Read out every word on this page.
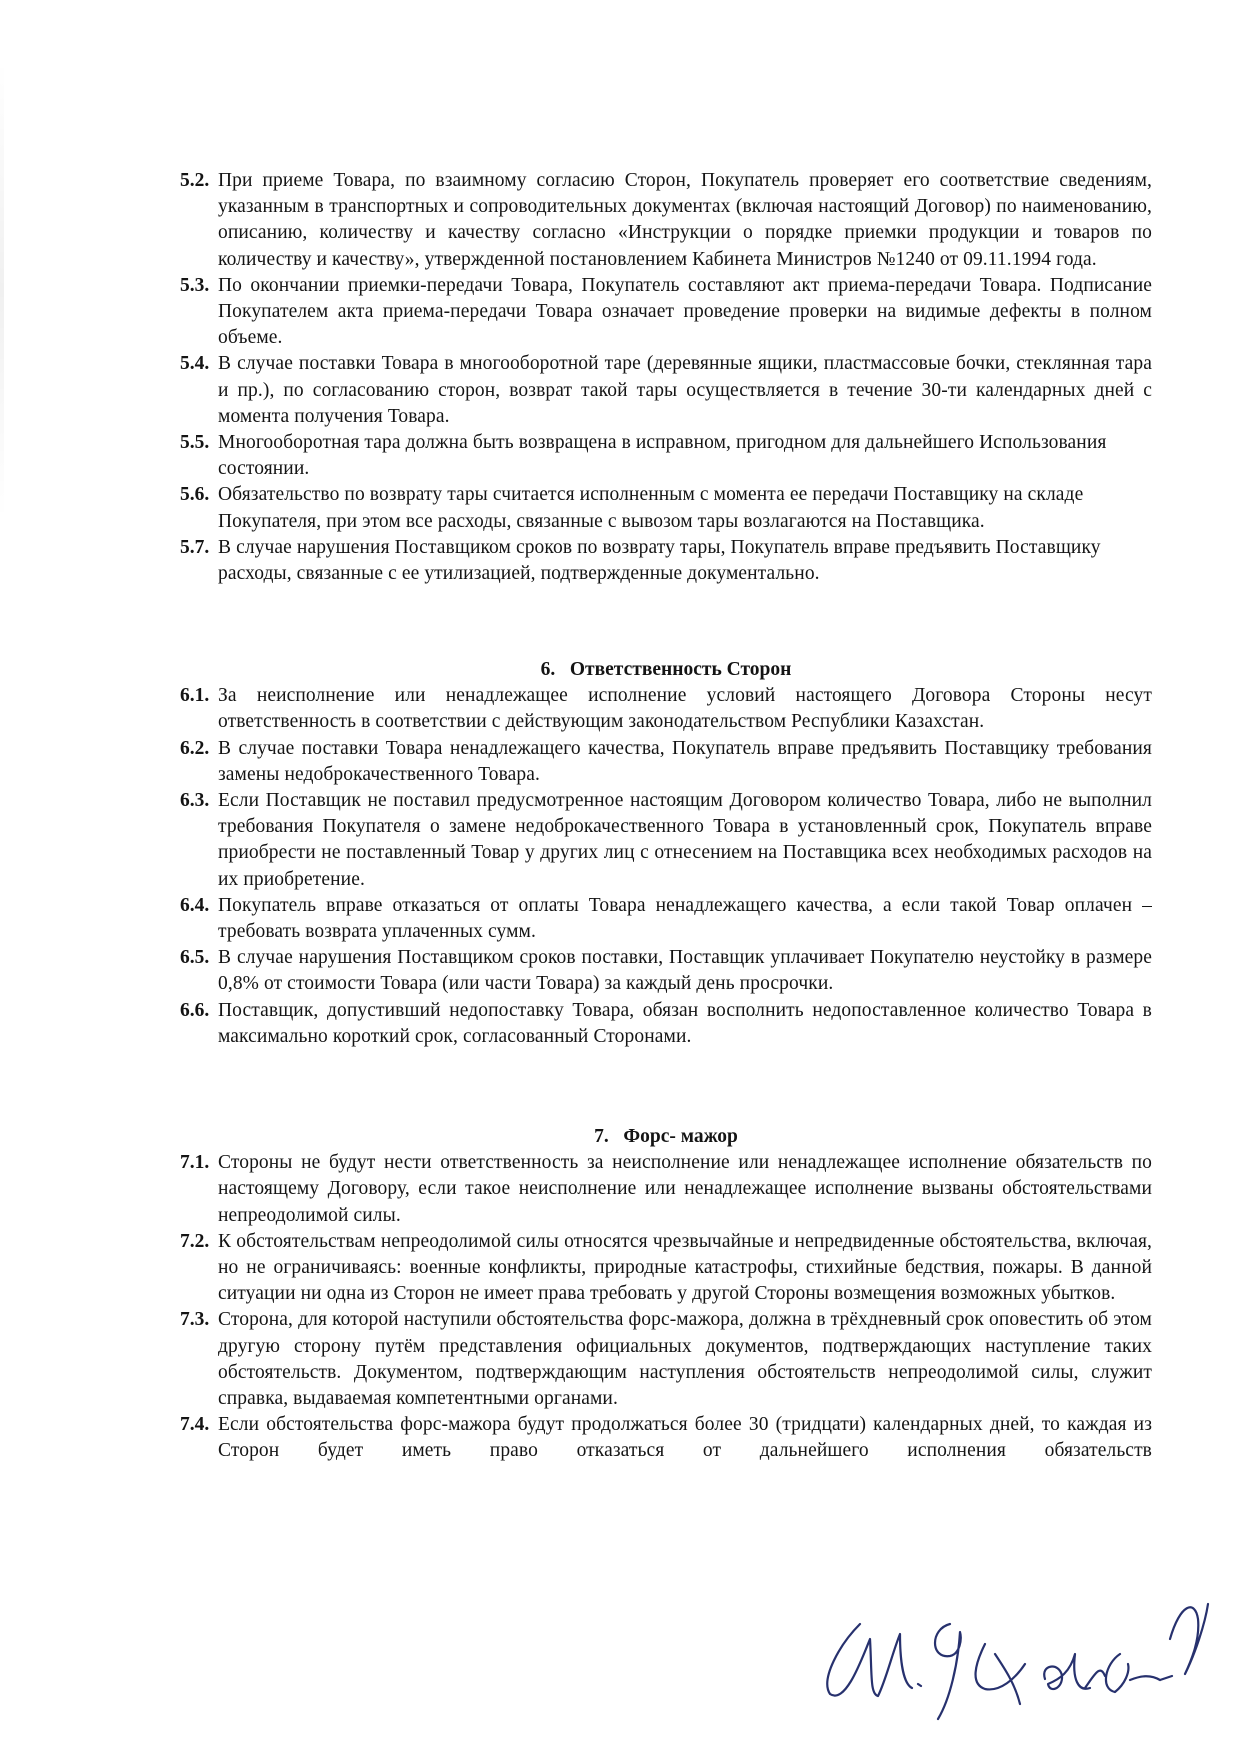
5.2. При приеме Товара, по взаимному согласию Сторон, Покупатель проверяет его соответствие сведениям, указанным в транспортных и сопроводительных документах (включая настоящий Договор) по наименованию, описанию, количеству и качеству согласно «Инструкции о порядке приемки продукции и товаров по количеству и качеству», утвержденной постановлением Кабинета Министров №1240 от 09.11.1994 года.
5.3. По окончании приемки-передачи Товара, Покупатель составляют акт приема-передачи Товара. Подписание Покупателем акта приема-передачи Товара означает проведение проверки на видимые дефекты в полном объеме.
5.4. В случае поставки Товара в многооборотной таре (деревянные ящики, пластмассовые бочки, стеклянная тара и пр.), по согласованию сторон, возврат такой тары осуществляется в течение 30-ти календарных дней с момента получения Товара.
5.5. Многооборотная тара должна быть возвращена в исправном, пригодном для дальнейшего Использования состоянии.
5.6. Обязательство по возврату тары считается исполненным с момента ее передачи Поставщику на складе Покупателя, при этом все расходы, связанные с вывозом тары возлагаются на Поставщика.
5.7. В случае нарушения Поставщиком сроков по возврату тары, Покупатель вправе предъявить Поставщику расходы, связанные с ее утилизацией, подтвержденные документально.
6.   Ответственность Сторон
6.1. За неисполнение или ненадлежащее исполнение условий настоящего Договора Стороны несут ответственность в соответствии с действующим законодательством Республики Казахстан.
6.2. В случае поставки Товара ненадлежащего качества, Покупатель вправе предъявить Поставщику требования замены недоброкачественного Товара.
6.3. Если Поставщик не поставил предусмотренное настоящим Договором количество Товара, либо не выполнил требования Покупателя о замене недоброкачественного Товара в установленный срок, Покупатель вправе приобрести не поставленный Товар у других лиц с отнесением на Поставщика всех необходимых расходов на их приобретение.
6.4. Покупатель вправе отказаться от оплаты Товара ненадлежащего качества, а если такой Товар оплачен – требовать возврата уплаченных сумм.
6.5. В случае нарушения Поставщиком сроков поставки, Поставщик уплачивает Покупателю неустойку в размере 0,8% от стоимости Товара (или части Товара) за каждый день просрочки.
6.6. Поставщик, допустивший недопоставку Товара, обязан восполнить недопоставленное количество Товара в максимально короткий срок, согласованный Сторонами.
7.   Форс- мажор
7.1. Стороны не будут нести ответственность за неисполнение или ненадлежащее исполнение обязательств по настоящему Договору, если такое неисполнение или ненадлежащее исполнение вызваны обстоятельствами непреодолимой силы.
7.2. К обстоятельствам непреодолимой силы относятся чрезвычайные и непредвиденные обстоятельства, включая, но не ограничиваясь: военные конфликты, природные катастрофы, стихийные бедствия, пожары. В данной ситуации ни одна из Сторон не имеет права требовать у другой Стороны возмещения возможных убытков.
7.3. Сторона, для которой наступили обстоятельства форс-мажора, должна в трёхдневный срок оповестить об этом другую сторону путём представления официальных документов, подтверждающих наступление таких обстоятельств. Документом, подтверждающим наступления обстоятельств непреодолимой силы, служит справка, выдаваемая компетентными органами.
7.4. Если обстоятельства форс-мажора будут продолжаться более 30 (тридцати) календарных дней, то каждая из Сторон будет иметь право отказаться от дальнейшего исполнения обязательств
